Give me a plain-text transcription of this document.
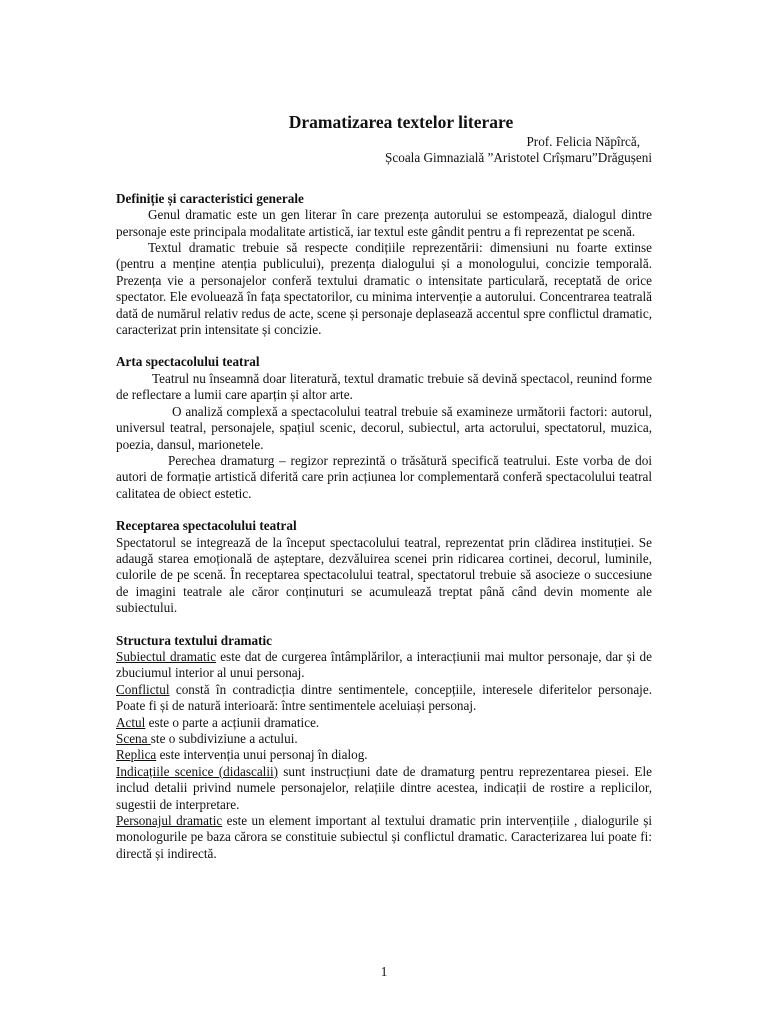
Dramatizarea textelor literare
Prof. Felicia Năpîrcă,
Școala Gimnazială ”Aristotel Crîșmaru”Drăgușeni
Definiție și caracteristici generale

Genul dramatic este un gen literar în care prezența autorului se estompează, dialogul dintre personaje este principala modalitate artistică, iar textul este gândit pentru a fi reprezentat pe scenă.

Textul dramatic trebuie să respecte condițiile reprezentării: dimensiuni nu foarte extinse (pentru a menține atenția publicului), prezența dialogului și a monologului, concizie temporală. Prezența vie a personajelor conferă textului dramatic o intensitate particulară, receptată de orice spectator. Ele evoluează în fața spectatorilor, cu minima intervenție a autorului. Concentrarea teatrală dată de numărul relativ redus de acte, scene și personaje deplasează accentul spre conflictul dramatic, caracterizat prin intensitate și concizie.

Arta spectacolului teatral

Teatrul nu înseamnă doar literatură, textul dramatic trebuie să devină spectacol, reunind forme de reflectare a lumii care aparțin și altor arte.

O analiză complexă a spectacolului teatral trebuie să examineze următorii factori: autorul, universul teatral, personajele, spațiul scenic, decorul, subiectul, arta actorului, spectatorul, muzica, poezia, dansul, marionetele.

Perechea dramaturg – regizor reprezintă o trăsătură specifică teatrului. Este vorba de doi autori de formație artistică diferită care prin acțiunea lor complementară conferă spectacolului teatral calitatea de obiect estetic.

Receptarea spectacolului teatral

Spectatorul se integrează de la început spectacolului teatral, reprezentat prin clădirea instituției. Se adaugă starea emoțională de așteptare, dezvăluirea scenei prin ridicarea cortinei, decorul, luminile, culorile de pe scenă. În receptarea spectacolului teatral, spectatorul trebuie să asocieze o succesiune de imagini teatrale ale căror conținuturi se acumulează treptat până când devin momente ale subiectului.

Structura textului dramatic

Subiectul dramatic este dat de curgerea întâmplărilor, a interacțiunii mai multor personaje, dar și de zbuciumul interior al unui personaj.

Conflictul constă în contradicția dintre sentimentele, concepțiile, interesele diferitelor personaje. Poate fi și de natură interioară: între sentimentele aceluiași personaj.

Actul este o parte a acțiunii dramatice.

Scena ste o subdiviziune a actului.

Replica este intervenția unui personaj în dialog.

Indicațiile scenice (didascalii) sunt instrucțiuni date de dramaturg pentru reprezentarea piesei. Ele includ detalii privind numele personajelor, relațiile dintre acestea, indicații de rostire a replicilor, sugestii de interpretare.

Personajul dramatic este un element important al textului dramatic prin intervențiile , dialogurile și monologurile pe baza cărora se constituie subiectul și conflictul dramatic. Caracterizarea lui poate fi: directă și indirectă.

1
